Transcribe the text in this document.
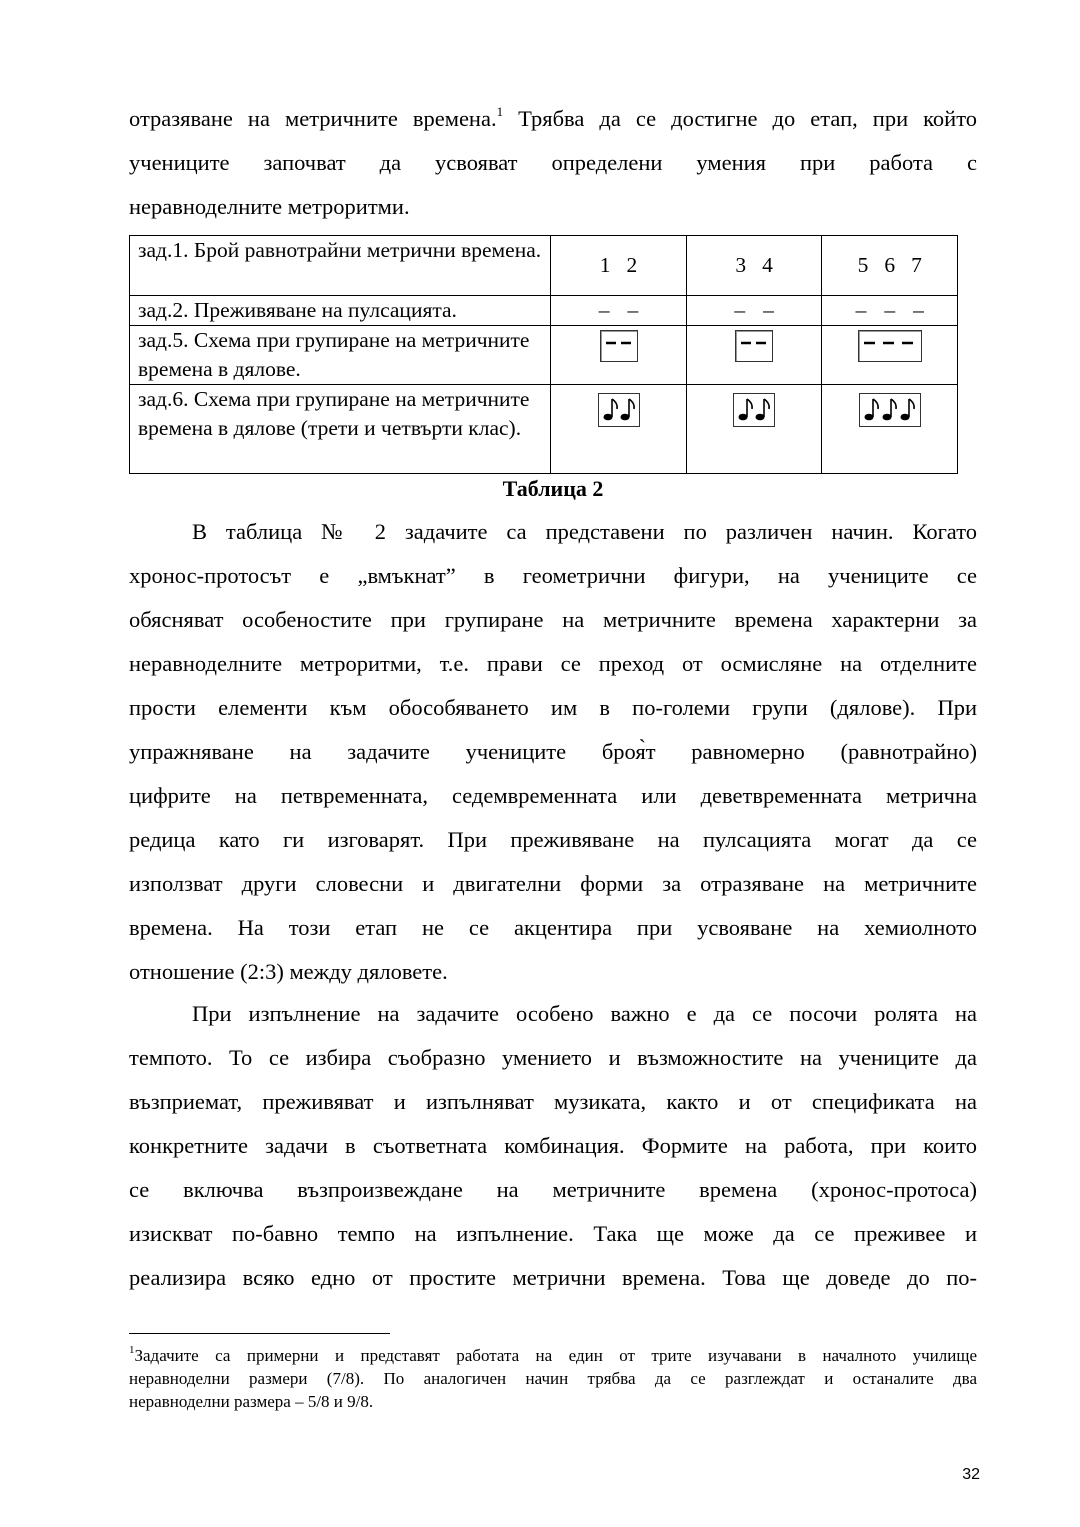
отразяване на метричните времена.$^1$ Трябва да се достигне до етап, при който
учениците започват да усвояват определени умения при работа с
неравноделните метроритми.
зад.1. Брой равнотрайни метрични времена.	1 2	3 4	5 6 7
зад.2. Преживяване на пулсацията.	– –	– –	– – –
зад.5. Схема при групиране на метричните времена в дялове.	

зад.6. Схема при групиране на метричните времена в дялове (трети и четвърти клас).			
Таблица 2
В таблица № 2 задачите са представени по различен начин. Когато
хронос-протосът е „вмъкнат” в геометрични фигури, на учениците се
обясняват особеностите при групиране на метричните времена характерни за
неравноделните метроритми, т.е. прави се преход от осмисляне на отделните
прости елементи към обособяването им в по-големи групи (дялове). При
упражняване на задачите учениците броя̀т равномерно (равнотрайно)
цифрите на петвременната, седемвременната или деветвременната метрична
редица като ги изговарят. При преживяване на пулсацията могат да се
използват други словесни и двигателни форми за отразяване на метричните
времена. На този етап не се акцентира при усвояване на хемиолното
отношение (2:3) между дяловете.
При изпълнение на задачите особено важно е да се посочи ролята на
темпото. То се избира съобразно умението и възможностите на учениците да
възприемат, преживяват и изпълняват музиката, както и от спецификата на
конкретните задачи в съответната комбинация. Формите на работа, при които
се включва възпроизвеждане на метричните времена (хронос-протоса)
изискват по-бавно темпо на изпълнение. Така ще може да се преживее и
реализира всяко едно от простите метрични времена. Това ще доведе до по-
$^1$Задачите са примерни и представят работата на един от трите изучавани в началното училище
неравноделни размери (7/8). По аналогичен начин трябва да се разглеждат и останалите два
неравноделни размера – 5/8 и 9/8.
32
